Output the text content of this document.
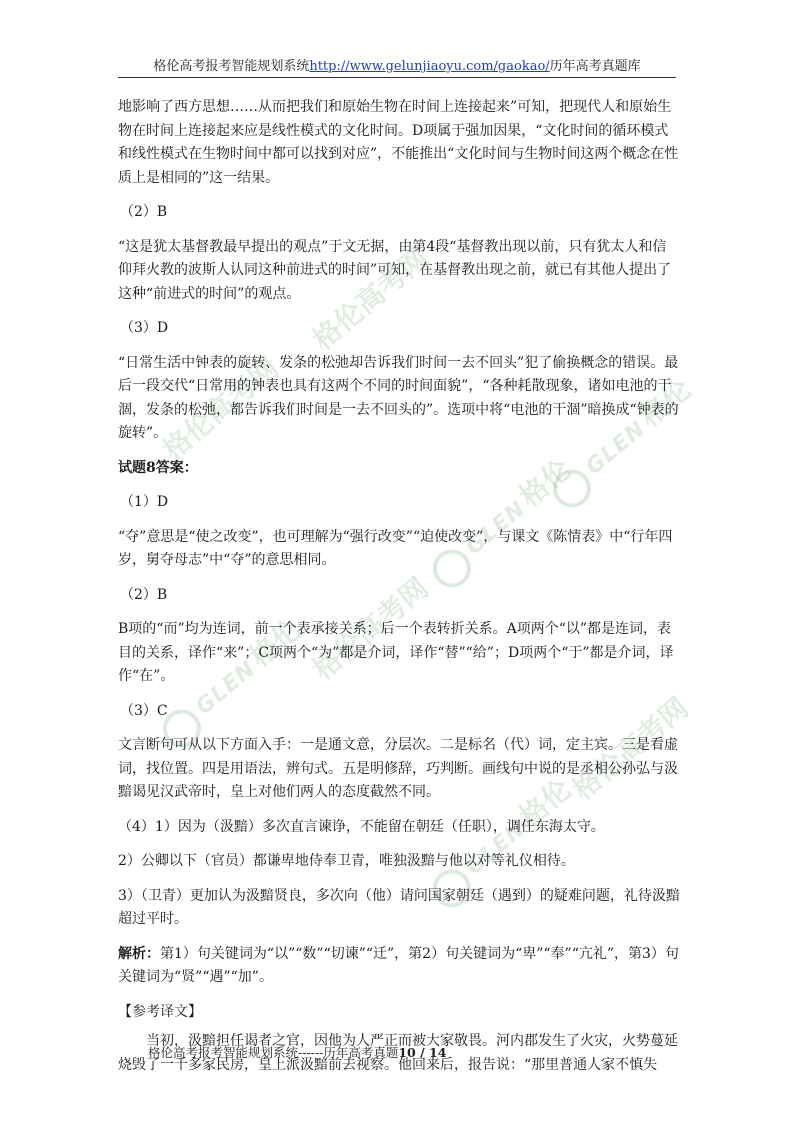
格伦高考报考智能规划系统http://www.gelunjiaoyu.com/gaokao/历年高考真题库
格伦高考网
格伦高考网
GLEN格伦
GLEN格伦
GLEN格伦
格伦高考网
GLEN格伦
格伦高考网

地影响了西方思想……从而把我们和原始生物在时间上连接起来”可知，把现代人和原始生物在时间上连接起来应是线性模式的文化时间。D项属于强加因果，“文化时间的循环模式和线性模式在生物时间中都可以找到对应”，不能推出“文化时间与生物时间这两个概念在性质上是相同的”这一结果。

（2）B

“这是犹太基督教最早提出的观点”于文无据，由第4段“基督教出现以前，只有犹太人和信仰拜火教的波斯人认同这种前进式的时间”可知，在基督教出现之前，就已有其他人提出了这种“前进式的时间”的观点。

（3）D

“日常生活中钟表的旋转、发条的松弛却告诉我们时间一去不回头”犯了偷换概念的错误。最后一段交代“日常用的钟表也具有这两个不同的时间面貌”，“各种耗散现象，诸如电池的干涸，发条的松弛，都告诉我们时间是一去不回头的”。选项中将“电池的干涸”暗换成“钟表的旋转”。

试题8答案：

（1）D

“夺”意思是“使之改变”，也可理解为“强行改变”“迫使改变”，与课文《陈情表》中“行年四岁，舅夺母志”中“夺”的意思相同。

（2）B

B项的“而”均为连词，前一个表承接关系；后一个表转折关系。A项两个“以”都是连词，表目的关系，译作“来”；C项两个“为”都是介词，译作“替”“给”；D项两个“于”都是介词，译作“在”。

（3）C

文言断句可从以下方面入手：一是通文意，分层次。二是标名（代）词，定主宾。三是看虚词，找位置。四是用语法，辨句式。五是明修辞，巧判断。画线句中说的是丞相公孙弘与汲黯谒见汉武帝时，皇上对他们两人的态度截然不同。

（4）1）因为（汲黯）多次直言谏诤，不能留在朝廷（任职），调任东海太守。

2）公卿以下（官员）都谦卑地侍奉卫青，唯独汲黯与他以对等礼仪相待。

3）（卫青）更加认为汲黯贤良，多次向（他）请问国家朝廷（遇到）的疑难问题，礼待汲黯超过平时。

解析：第1）句关键词为“以”“数”“切谏”“迁”，第2）句关键词为“卑”“奉”“亢礼”，第3）句关键词为“贤”“遇”“加”。

【参考译文】

当初，汲黯担任谒者之官，因他为人严正而被大家敬畏。河内郡发生了火灾，火势蔓延烧毁了一千多家民房，皇上派汲黯前去视察。他回来后，报告说：“那里普通人家不慎失

格伦高考报考智能规划系统------历年高考真题10 / 14
